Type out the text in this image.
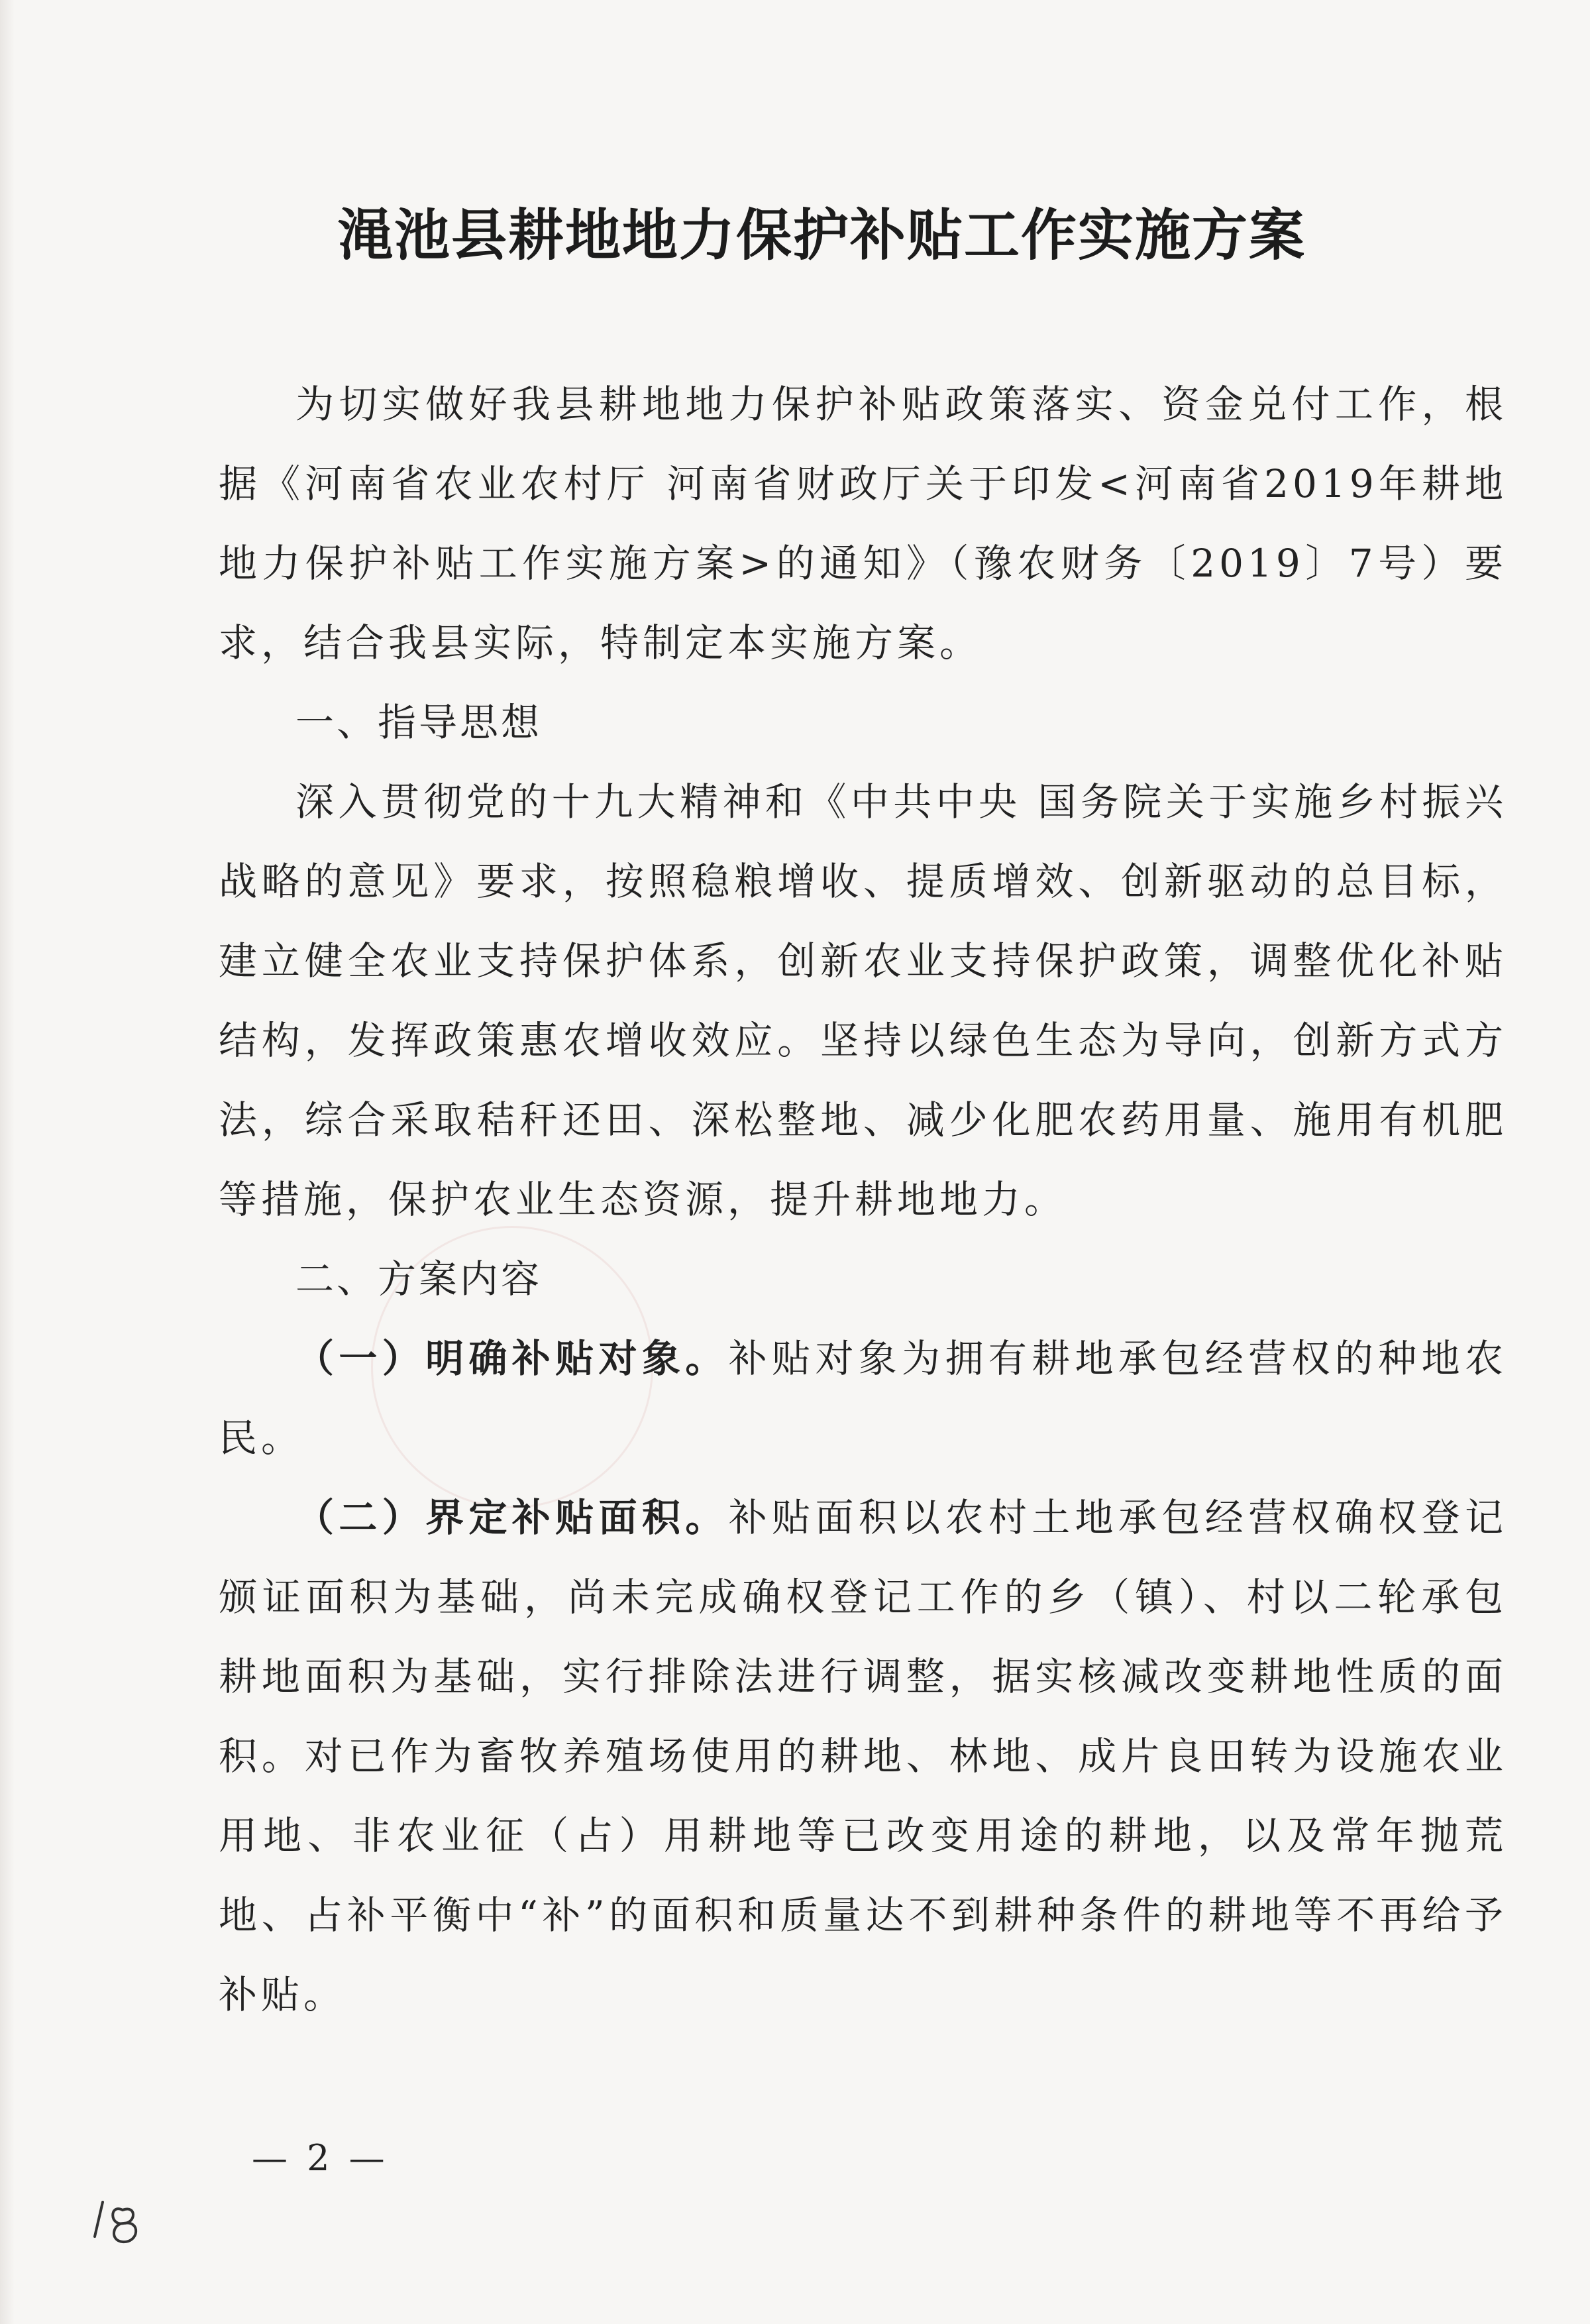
渑池县耕地地力保护补贴工作实施方案

为切实做好我县耕地地力保护补贴政策落实、资金兑付工作，根据《河南省农业农村厅 河南省财政厅关于印发<河南省2019年耕地地力保护补贴工作实施方案>的通知》（豫农财务〔2019〕7号）要求，结合我县实际，特制定本实施方案。

一、指导思想

深入贯彻党的十九大精神和《中共中央 国务院关于实施乡村振兴战略的意见》要求，按照稳粮增收、提质增效、创新驱动的总目标，建立健全农业支持保护体系，创新农业支持保护政策，调整优化补贴结构，发挥政策惠农增收效应。坚持以绿色生态为导向，创新方式方法，综合采取秸秆还田、深松整地、减少化肥农药用量、施用有机肥等措施，保护农业生态资源，提升耕地地力。

二、方案内容

（一）明确补贴对象。补贴对象为拥有耕地承包经营权的种地农民。

（二）界定补贴面积。补贴面积以农村土地承包经营权确权登记颁证面积为基础，尚未完成确权登记工作的乡（镇）、村以二轮承包耕地面积为基础，实行排除法进行调整，据实核减改变耕地性质的面积。对已作为畜牧养殖场使用的耕地、林地、成片良田转为设施农业用地、非农业征（占）用耕地等已改变用途的耕地，以及常年抛荒地、占补平衡中“补”的面积和质量达不到耕种条件的耕地等不再给予补贴。

— 2 —
